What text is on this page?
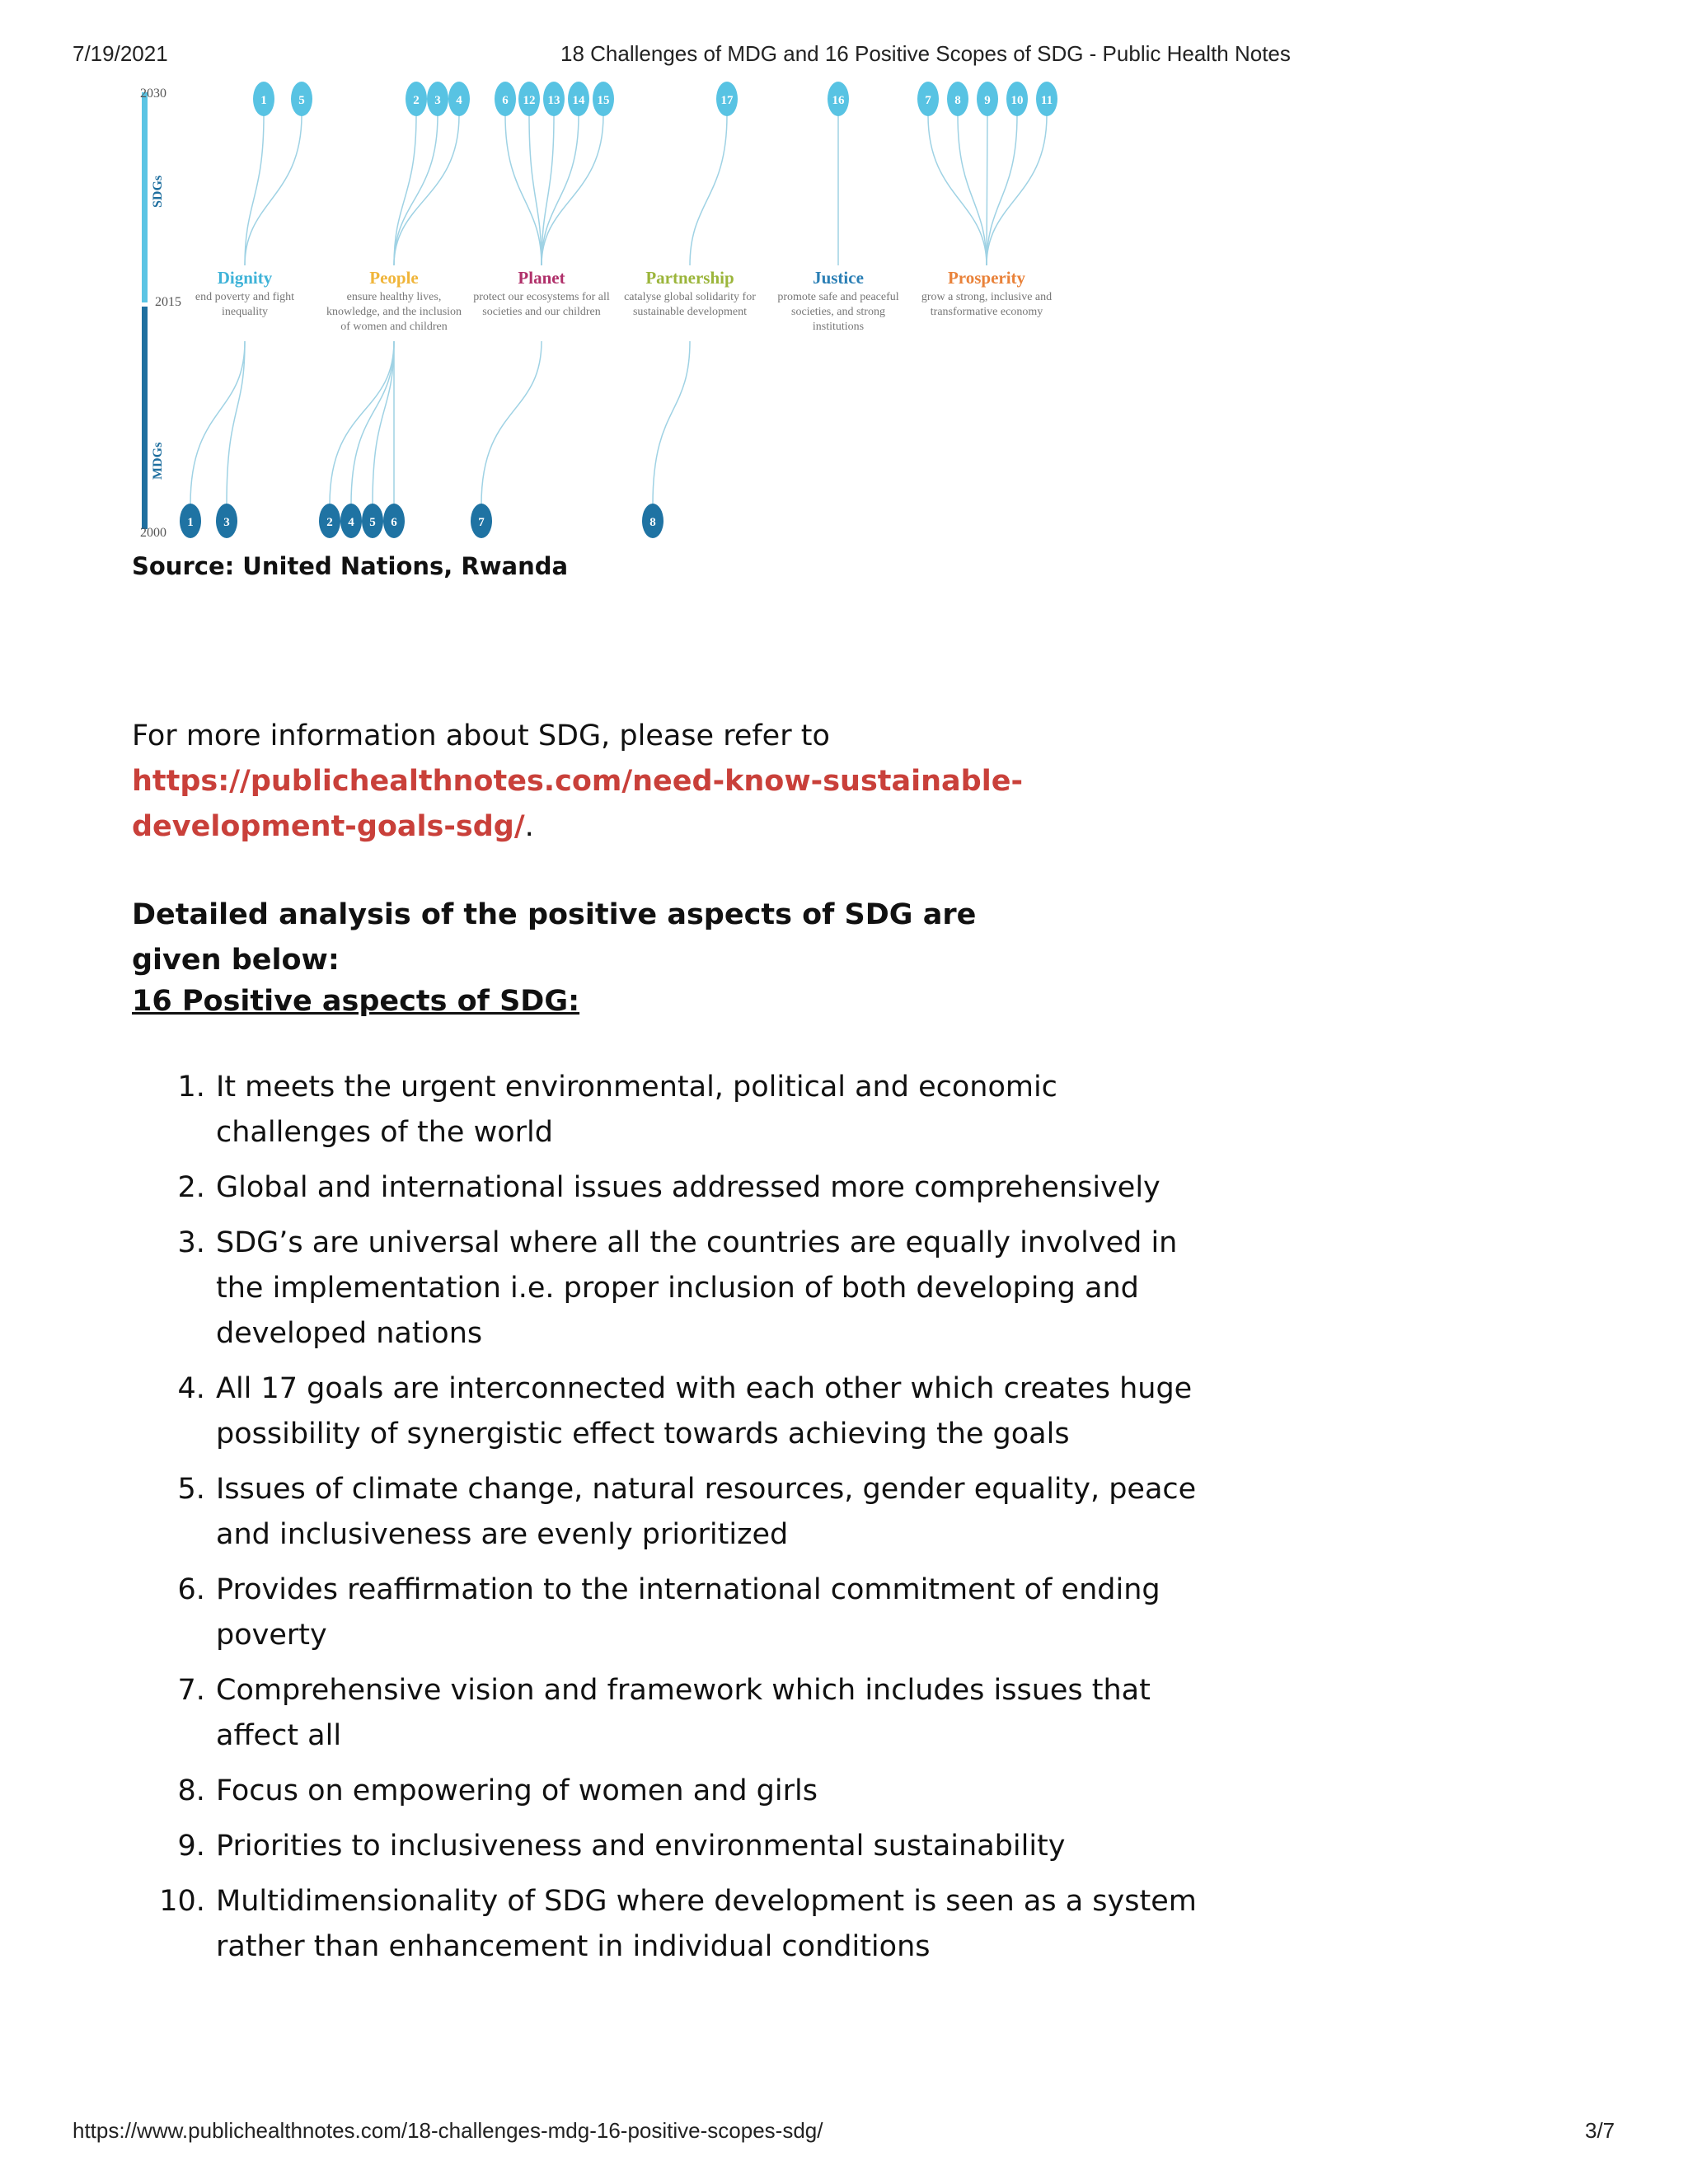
7/19/2021	18 Challenges of MDG and 16 Positive Scopes of SDG - Public Health Notes
2030
2015
2000
SDGs
MDGs
Dignity
end poverty and fight
inequality
People
ensure healthy lives,
knowledge, and the inclusion
of women and children
Planet
protect our ecosystems for all
societies and our children
Partnership
catalyse global solidarity for
sustainable development
Justice
promote safe and peaceful
societies, and strong
institutions
Prosperity
grow a strong, inclusive and
transformative economy
1	5
1 3
2 3 4
2 4 5 6
6 12 13 14 15
7
17
8
16	7 8 9 10 11
Source: United Nations, Rwanda
For more information about SDG, please refer to
https://publichealthnotes.com/need-know-sustainable-development-goals-sdg/.
Detailed analysis of the positive aspects of SDG are given below:
16 Positive aspects of SDG:
1. It meets the urgent environmental, political and economic challenges of the world
2. Global and international issues addressed more comprehensively
3. SDG’s are universal where all the countries are equally involved in the implementation i.e. proper inclusion of both developing and developed nations
4. All 17 goals are interconnected with each other which creates huge possibility of synergistic effect towards achieving the goals
5. Issues of climate change, natural resources, gender equality, peace and inclusiveness are evenly prioritized
6. Provides reaffirmation to the international commitment of ending poverty
7. Comprehensive vision and framework which includes issues that affect all
8. Focus on empowering of women and girls
9. Priorities to inclusiveness and environmental sustainability
10. Multidimensionality of SDG where development is seen as a system rather than enhancement in individual conditions
https://www.publichealthnotes.com/18-challenges-mdg-16-positive-scopes-sdg/	3/7
